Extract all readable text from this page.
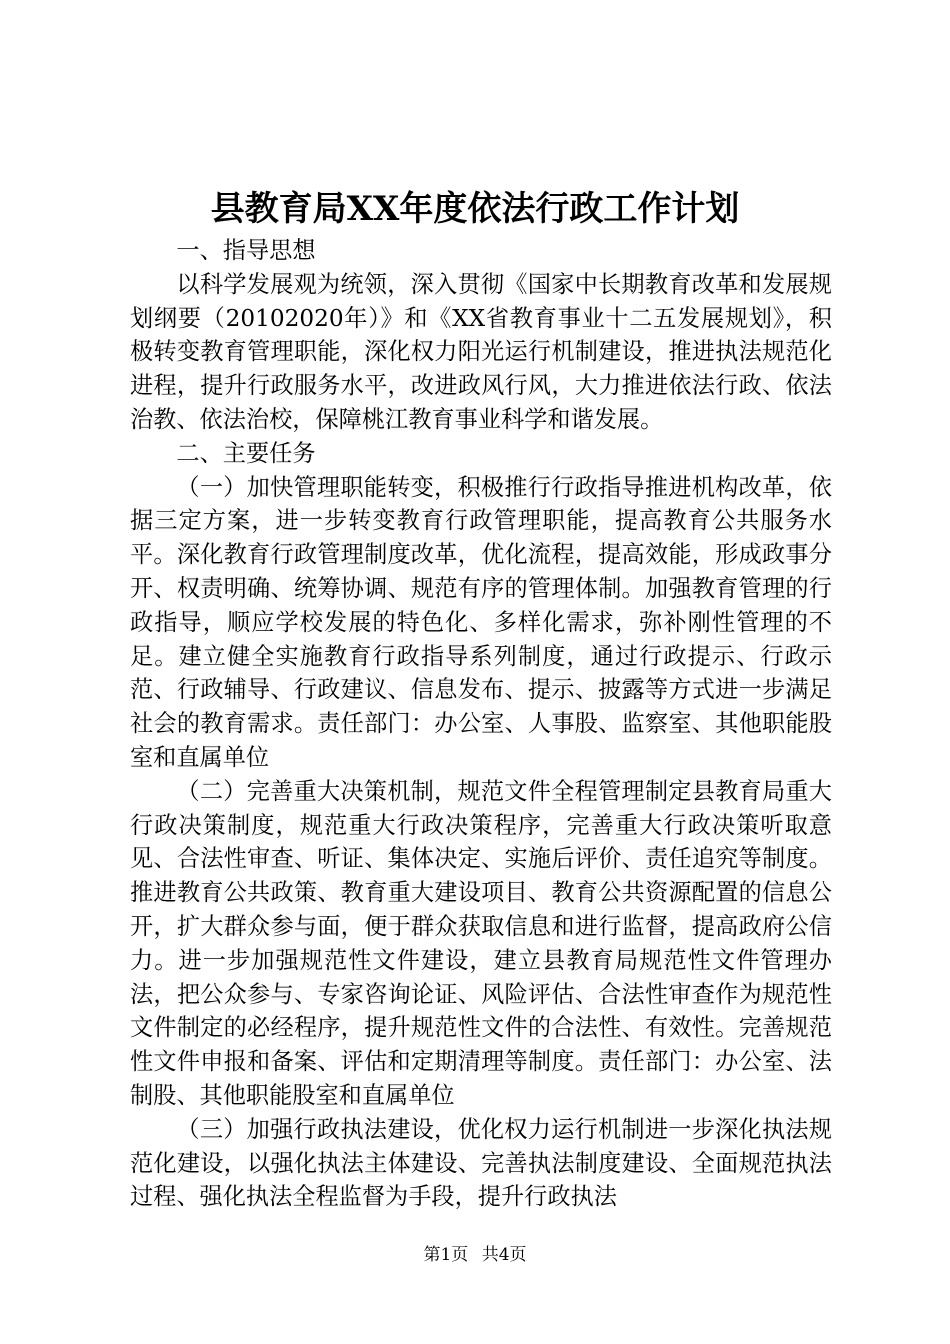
县教育局XX年度依法行政工作计划

一、指导思想

以科学发展观为统领，深入贯彻《国家中长期教育改革和发展规划纲要（20102020年）》和《XX省教育事业十二五发展规划》，积极转变教育管理职能，深化权力阳光运行机制建设，推进执法规范化进程，提升行政服务水平，改进政风行风，大力推进依法行政、依法治教、依法治校，保障桃江教育事业科学和谐发展。

二、主要任务

（一）加快管理职能转变，积极推行行政指导推进机构改革，依据三定方案，进一步转变教育行政管理职能，提高教育公共服务水平。深化教育行政管理制度改革，优化流程，提高效能，形成政事分开、权责明确、统筹协调、规范有序的管理体制。加强教育管理的行政指导，顺应学校发展的特色化、多样化需求，弥补刚性管理的不足。建立健全实施教育行政指导系列制度，通过行政提示、行政示范、行政辅导、行政建议、信息发布、提示、披露等方式进一步满足社会的教育需求。责任部门：办公室、人事股、监察室、其他职能股室和直属单位

（二）完善重大决策机制，规范文件全程管理制定县教育局重大行政决策制度，规范重大行政决策程序，完善重大行政决策听取意见、合法性审查、听证、集体决定、实施后评价、责任追究等制度。推进教育公共政策、教育重大建设项目、教育公共资源配置的信息公开，扩大群众参与面，便于群众获取信息和进行监督，提高政府公信力。进一步加强规范性文件建设，建立县教育局规范性文件管理办法，把公众参与、专家咨询论证、风险评估、合法性审查作为规范性文件制定的必经程序，提升规范性文件的合法性、有效性。完善规范性文件申报和备案、评估和定期清理等制度。责任部门：办公室、法制股、其他职能股室和直属单位

（三）加强行政执法建设，优化权力运行机制进一步深化执法规范化建设，以强化执法主体建设、完善执法制度建设、全面规范执法过程、强化执法全程监督为手段，提升行政执法

第1页 共4页
